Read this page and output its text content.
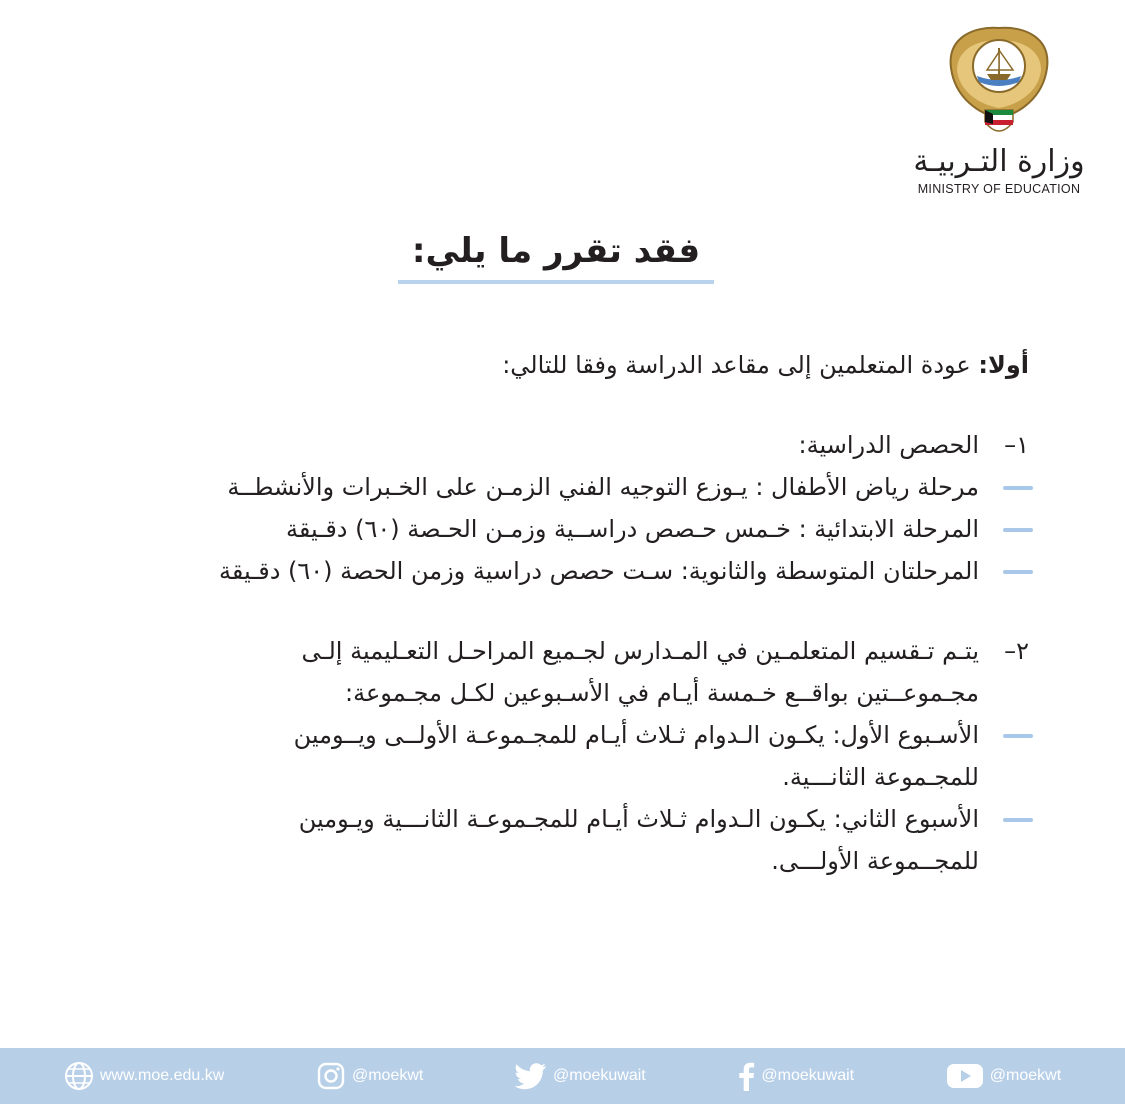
وزارة التـربيـة
MINISTRY OF EDUCATION
فقد تقرر ما يلي:

أولا: عودة المتعلمين إلى مقاعد الدراسة وفقا للتالي:

١–
الحصص الدراسية:
مرحلة رياض الأطفال : يـوزع التوجيه الفني الزمـن على الخـبرات والأنشطــة
المرحلة الابتدائية : خـمس حـصص دراســية وزمـن الحـصة (٦٠) دقـيقة
المرحلتان المتوسطة والثانوية: سـت حصص دراسية وزمن الحصة (٦٠) دقـيقة
٢–
يتـم تـقسيم المتعلمـين في المـدارس لجـميع المراحـل التعـليمية إلـى
مجـموعــتين بواقــع خـمسة أيـام في الأسـبوعين لكـل مجـموعة:
الأسـبوع الأول: يكـون الـدوام ثـلاث أيـام للمجـموعـة الأولــى ويــومين
للمجـموعة الثانـــية.
الأسبوع الثاني: يكـون الـدوام ثـلاث أيـام للمجـموعـة الثانـــية ويـومين
للمجــموعة الأولـــى.
www.moe.edu.kw	@moekwt	@moekuwait	@moekuwait	@moekwt
